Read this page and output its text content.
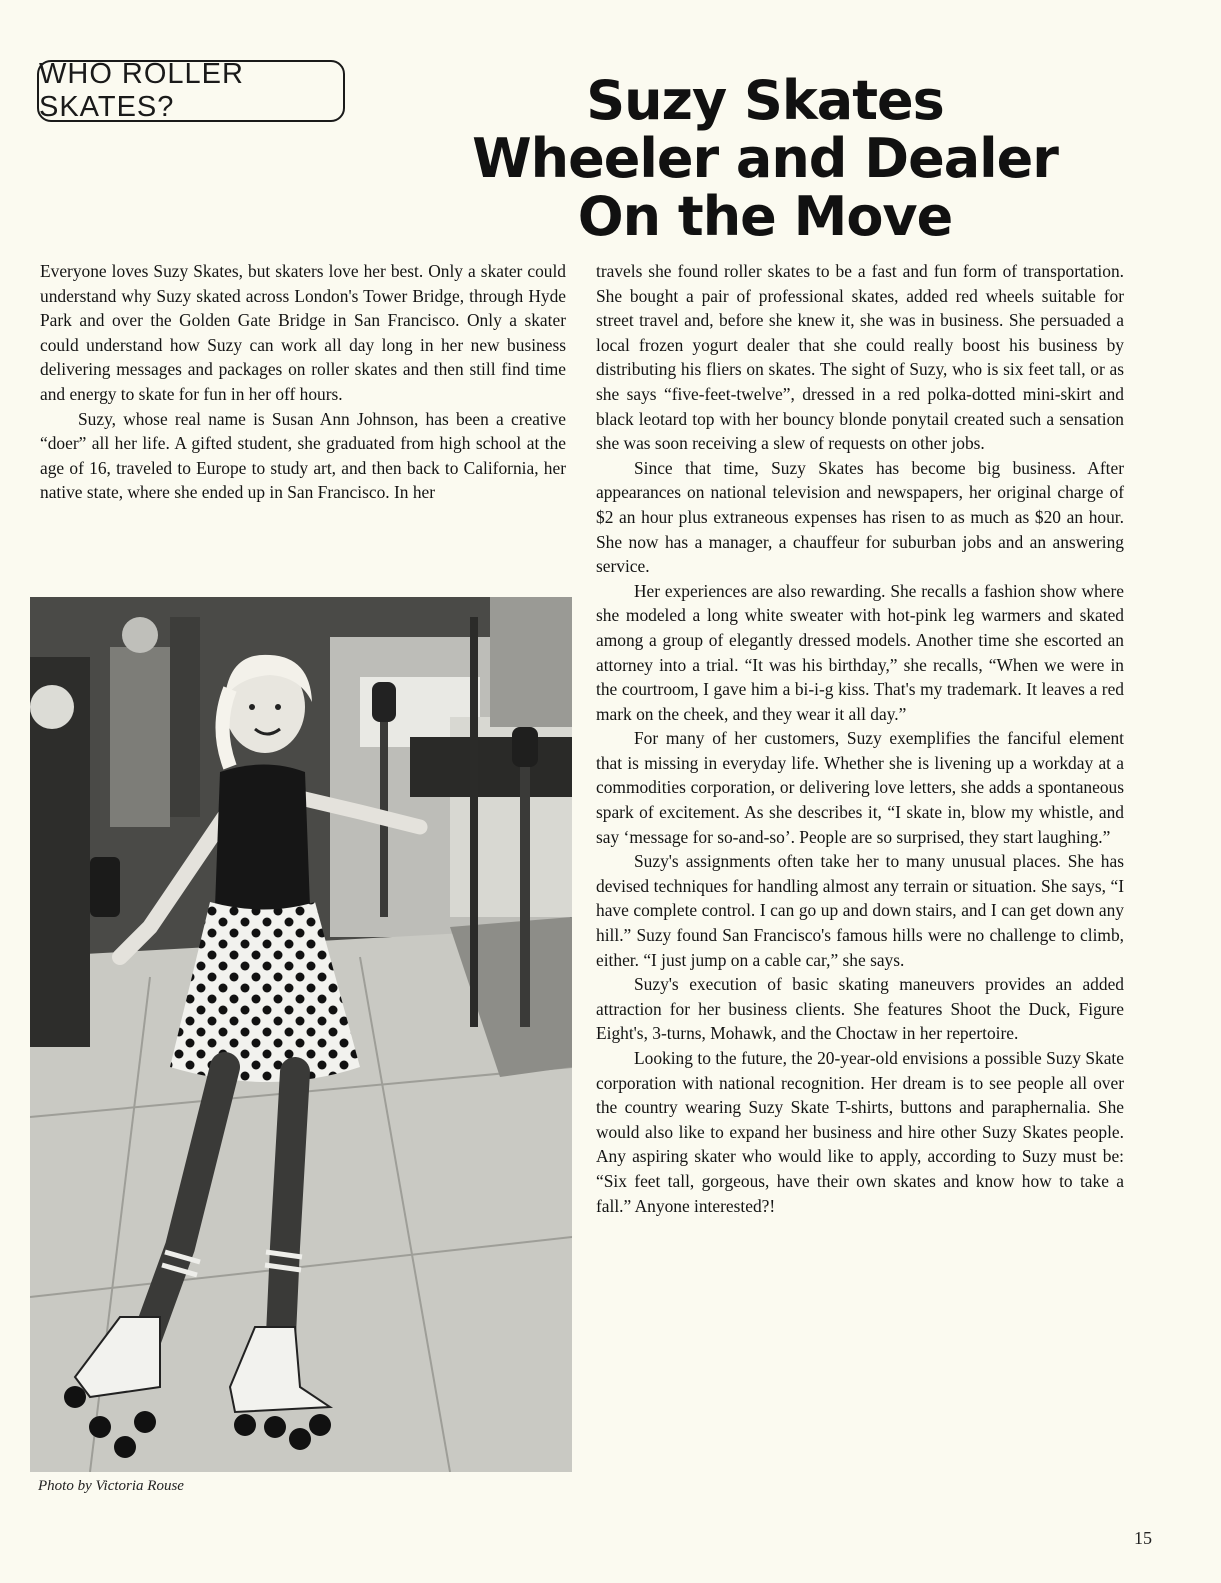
WHO ROLLER SKATES?	Suzy Skates
Wheeler and Dealer
On the Move

Everyone loves Suzy Skates, but skaters love her best. Only a skater could understand why Suzy skated across London's Tower Bridge, through Hyde Park and over the Golden Gate Bridge in San Francisco. Only a skater could understand how Suzy can work all day long in her new business delivering messages and packages on roller skates and then still find time and energy to skate for fun in her off hours.

Suzy, whose real name is Susan Ann Johnson, has been a creative “doer” all her life. A gifted student, she graduated from high school at the age of 16, traveled to Europe to study art, and then back to California, her native state, where she ended up in San Francisco. In her

Photo by Victoria Rouse

travels she found roller skates to be a fast and fun form of transportation. She bought a pair of professional skates, added red wheels suitable for street travel and, before she knew it, she was in business. She persuaded a local frozen yogurt dealer that she could really boost his business by distributing his fliers on skates. The sight of Suzy, who is six feet tall, or as she says “five-feet-twelve”, dressed in a red polka-dotted mini-skirt and black leotard top with her bouncy blonde ponytail created such a sensation she was soon receiving a slew of requests on other jobs.

Since that time, Suzy Skates has become big business. After appearances on national television and newspapers, her original charge of $2 an hour plus extraneous expenses has risen to as much as $20 an hour. She now has a manager, a chauffeur for suburban jobs and an answering service.

Her experiences are also rewarding. She recalls a fashion show where she modeled a long white sweater with hot-pink leg warmers and skated among a group of elegantly dressed models. Another time she escorted an attorney into a trial. “It was his birthday,” she recalls, “When we were in the courtroom, I gave him a bi-i-g kiss. That's my trademark. It leaves a red mark on the cheek, and they wear it all day.”

For many of her customers, Suzy exemplifies the fanciful element that is missing in everyday life. Whether she is livening up a workday at a commodities corporation, or delivering love letters, she adds a spontaneous spark of excitement. As she describes it, “I skate in, blow my whistle, and say ‘message for so-and-so’. People are so surprised, they start laughing.”

Suzy's assignments often take her to many unusual places. She has devised techniques for handling almost any terrain or situation. She says, “I have complete control. I can go up and down stairs, and I can get down any hill.” Suzy found San Francisco's famous hills were no challenge to climb, either. “I just jump on a cable car,” she says.

Suzy's execution of basic skating maneuvers provides an added attraction for her business clients. She features Shoot the Duck, Figure Eight's, 3-turns, Mohawk, and the Choctaw in her repertoire.

Looking to the future, the 20-year-old envisions a possible Suzy Skate corporation with national recognition. Her dream is to see people all over the country wearing Suzy Skate T-shirts, buttons and paraphernalia. She would also like to expand her business and hire other Suzy Skates people. Any aspiring skater who would like to apply, according to Suzy must be: “Six feet tall, gorgeous, have their own skates and know how to take a fall.” Anyone interested?!

15
